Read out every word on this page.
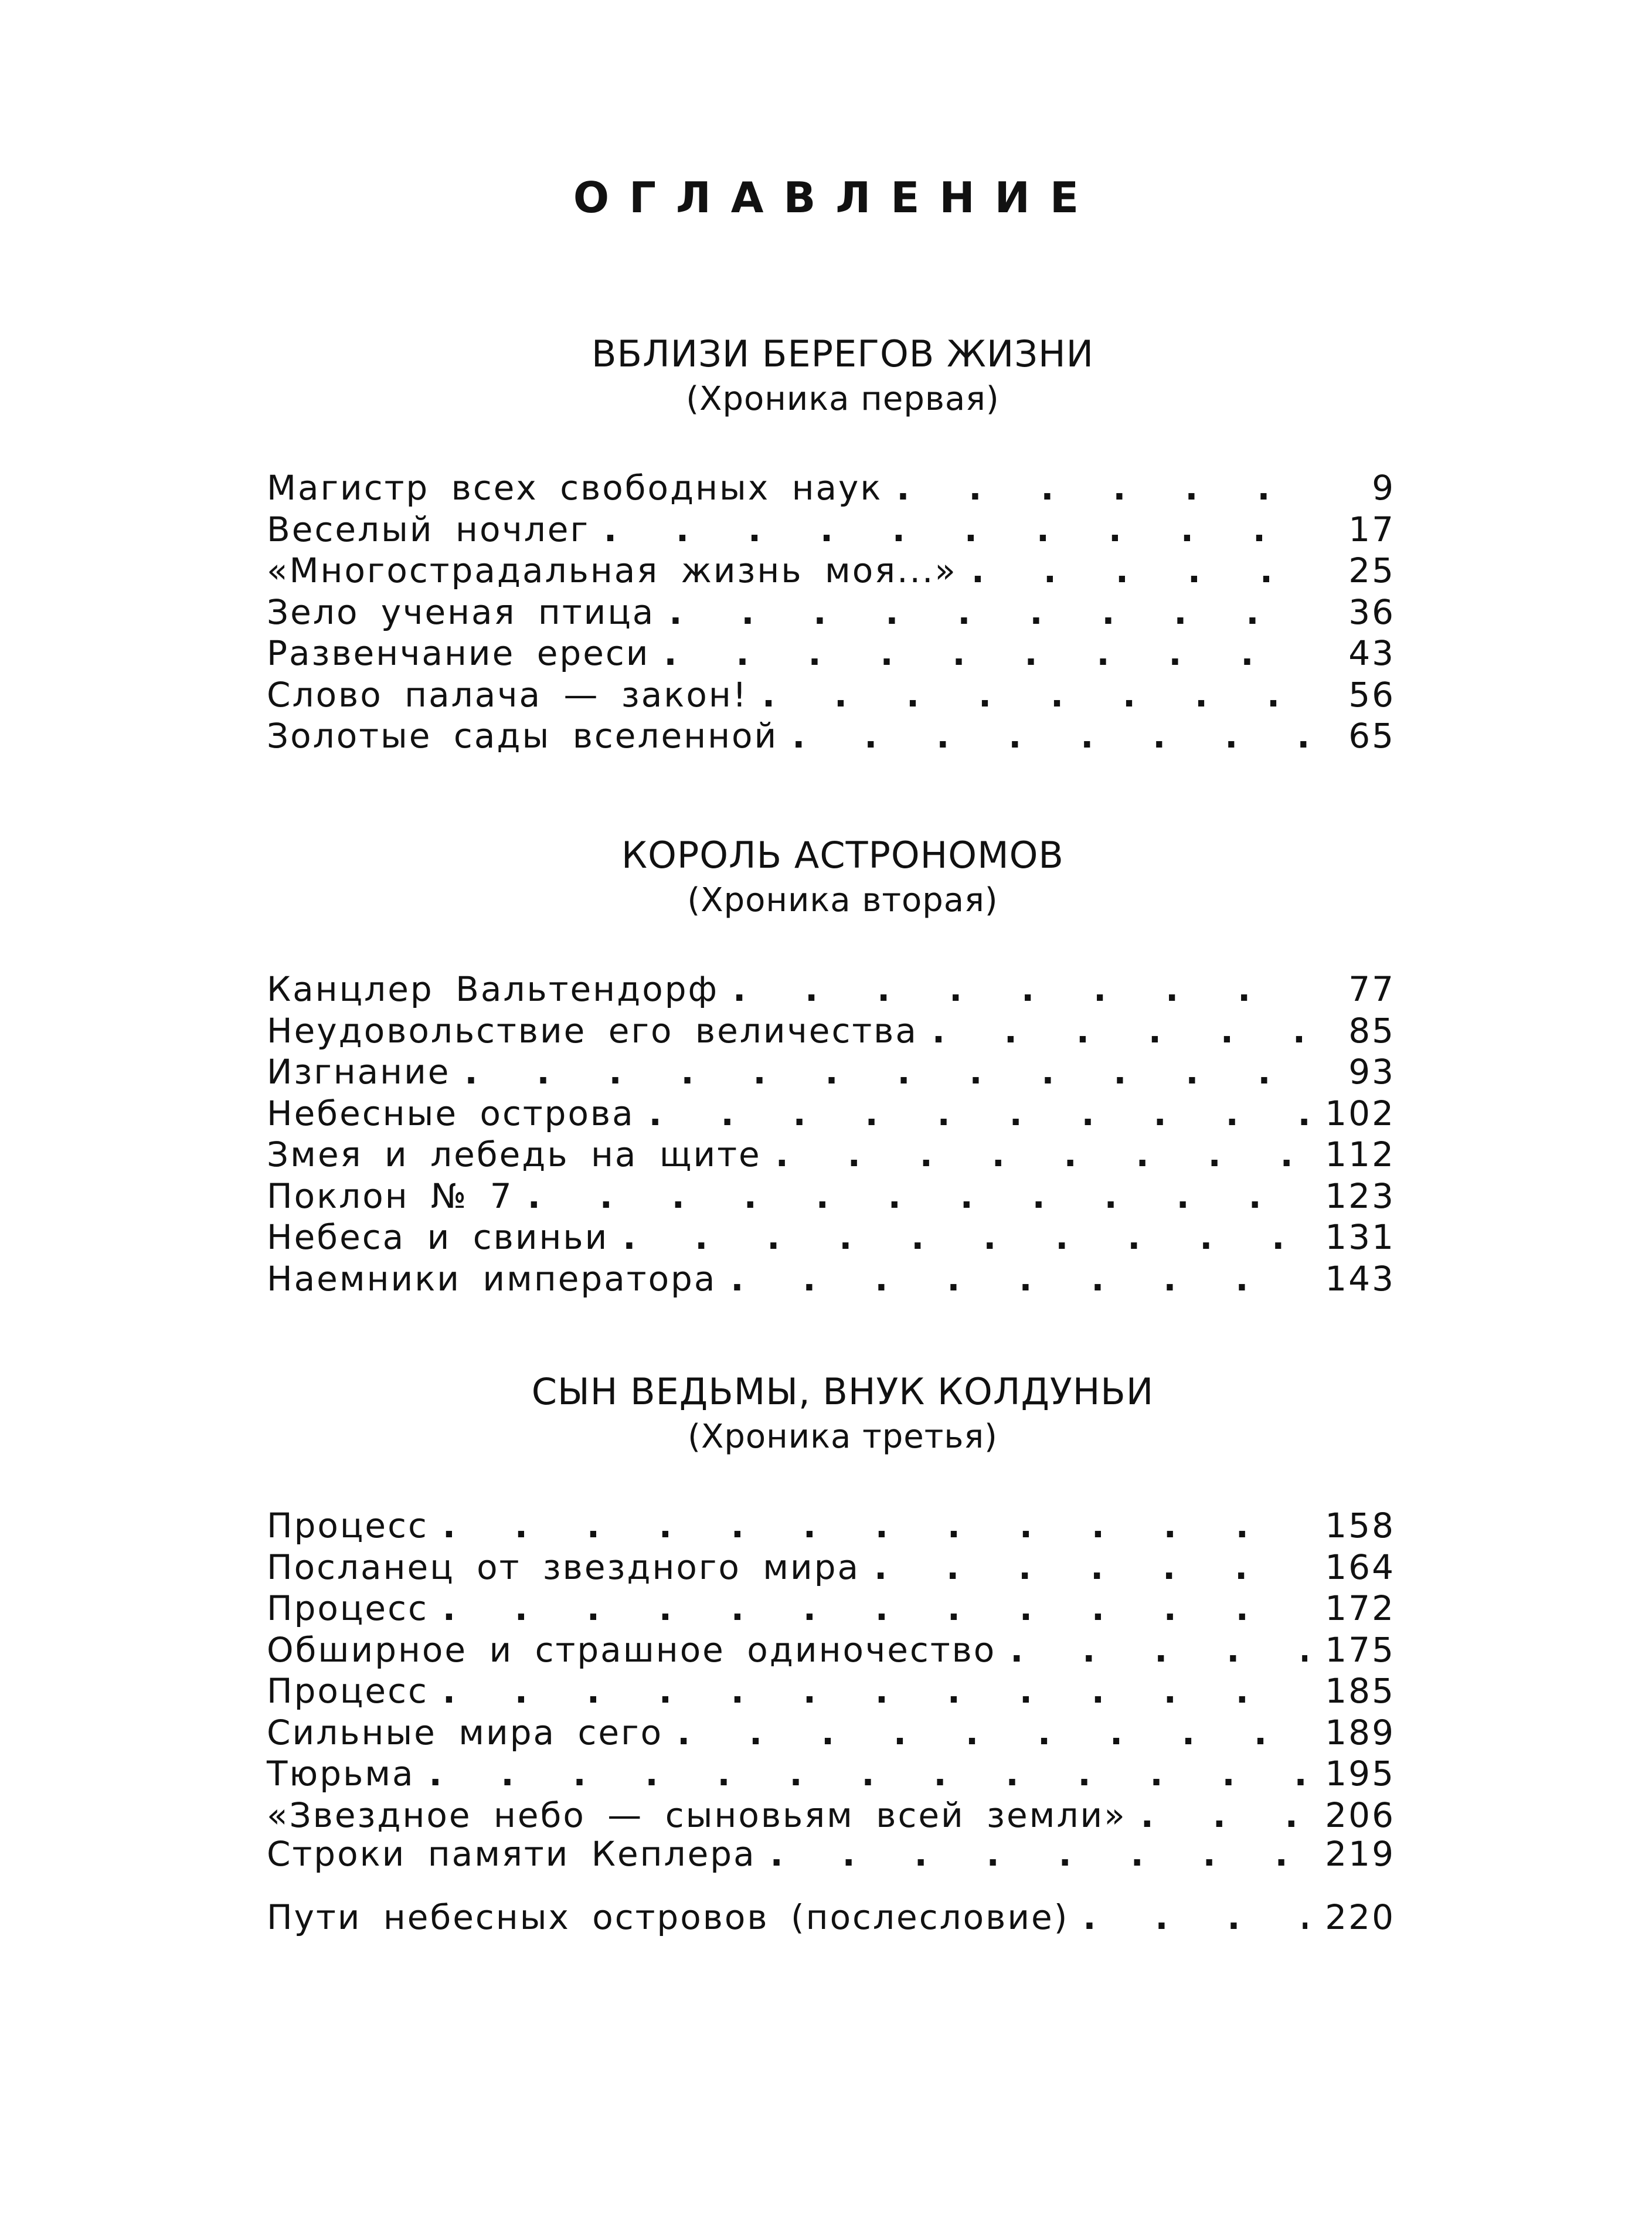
ОГЛАВЛЕНИЕ
ВБЛИЗИ БЕРЕГОВ ЖИЗНИ
(Хроника первая)
Магистр всех свободных наук .	9
Веселый ночлег .	17
«Многострадальная жизнь моя...» .	25
Зело ученая птица .	36
Развенчание ереси .	43
Слово палача — закон! .	56
Золотые сады вселенной .	65
КОРОЛЬ АСТРОНОМОВ
(Хроника вторая)
Канцлер Вальтендорф .	77
Неудовольствие его величества .	85
Изгнание .	93
Небесные острова .	102
Змея и лебедь на щите .	112
Поклон № 7 .	123
Небеса и свиньи .	131
Наемники императора .	143
СЫН ВЕДЬМЫ, ВНУК КОЛДУНЬИ
(Хроника третья)
Процесс .	158
Посланец от звездного мира .	164
Процесс .	172
Обширное и страшное одиночество .	175
Процесс .	185
Сильные мира сего .	189
Тюрьма .	195
«Звездное небо — сыновьям всей земли» .	206
Строки памяти Кеплера .	219
Пути небесных островов (послесловие) .	220
